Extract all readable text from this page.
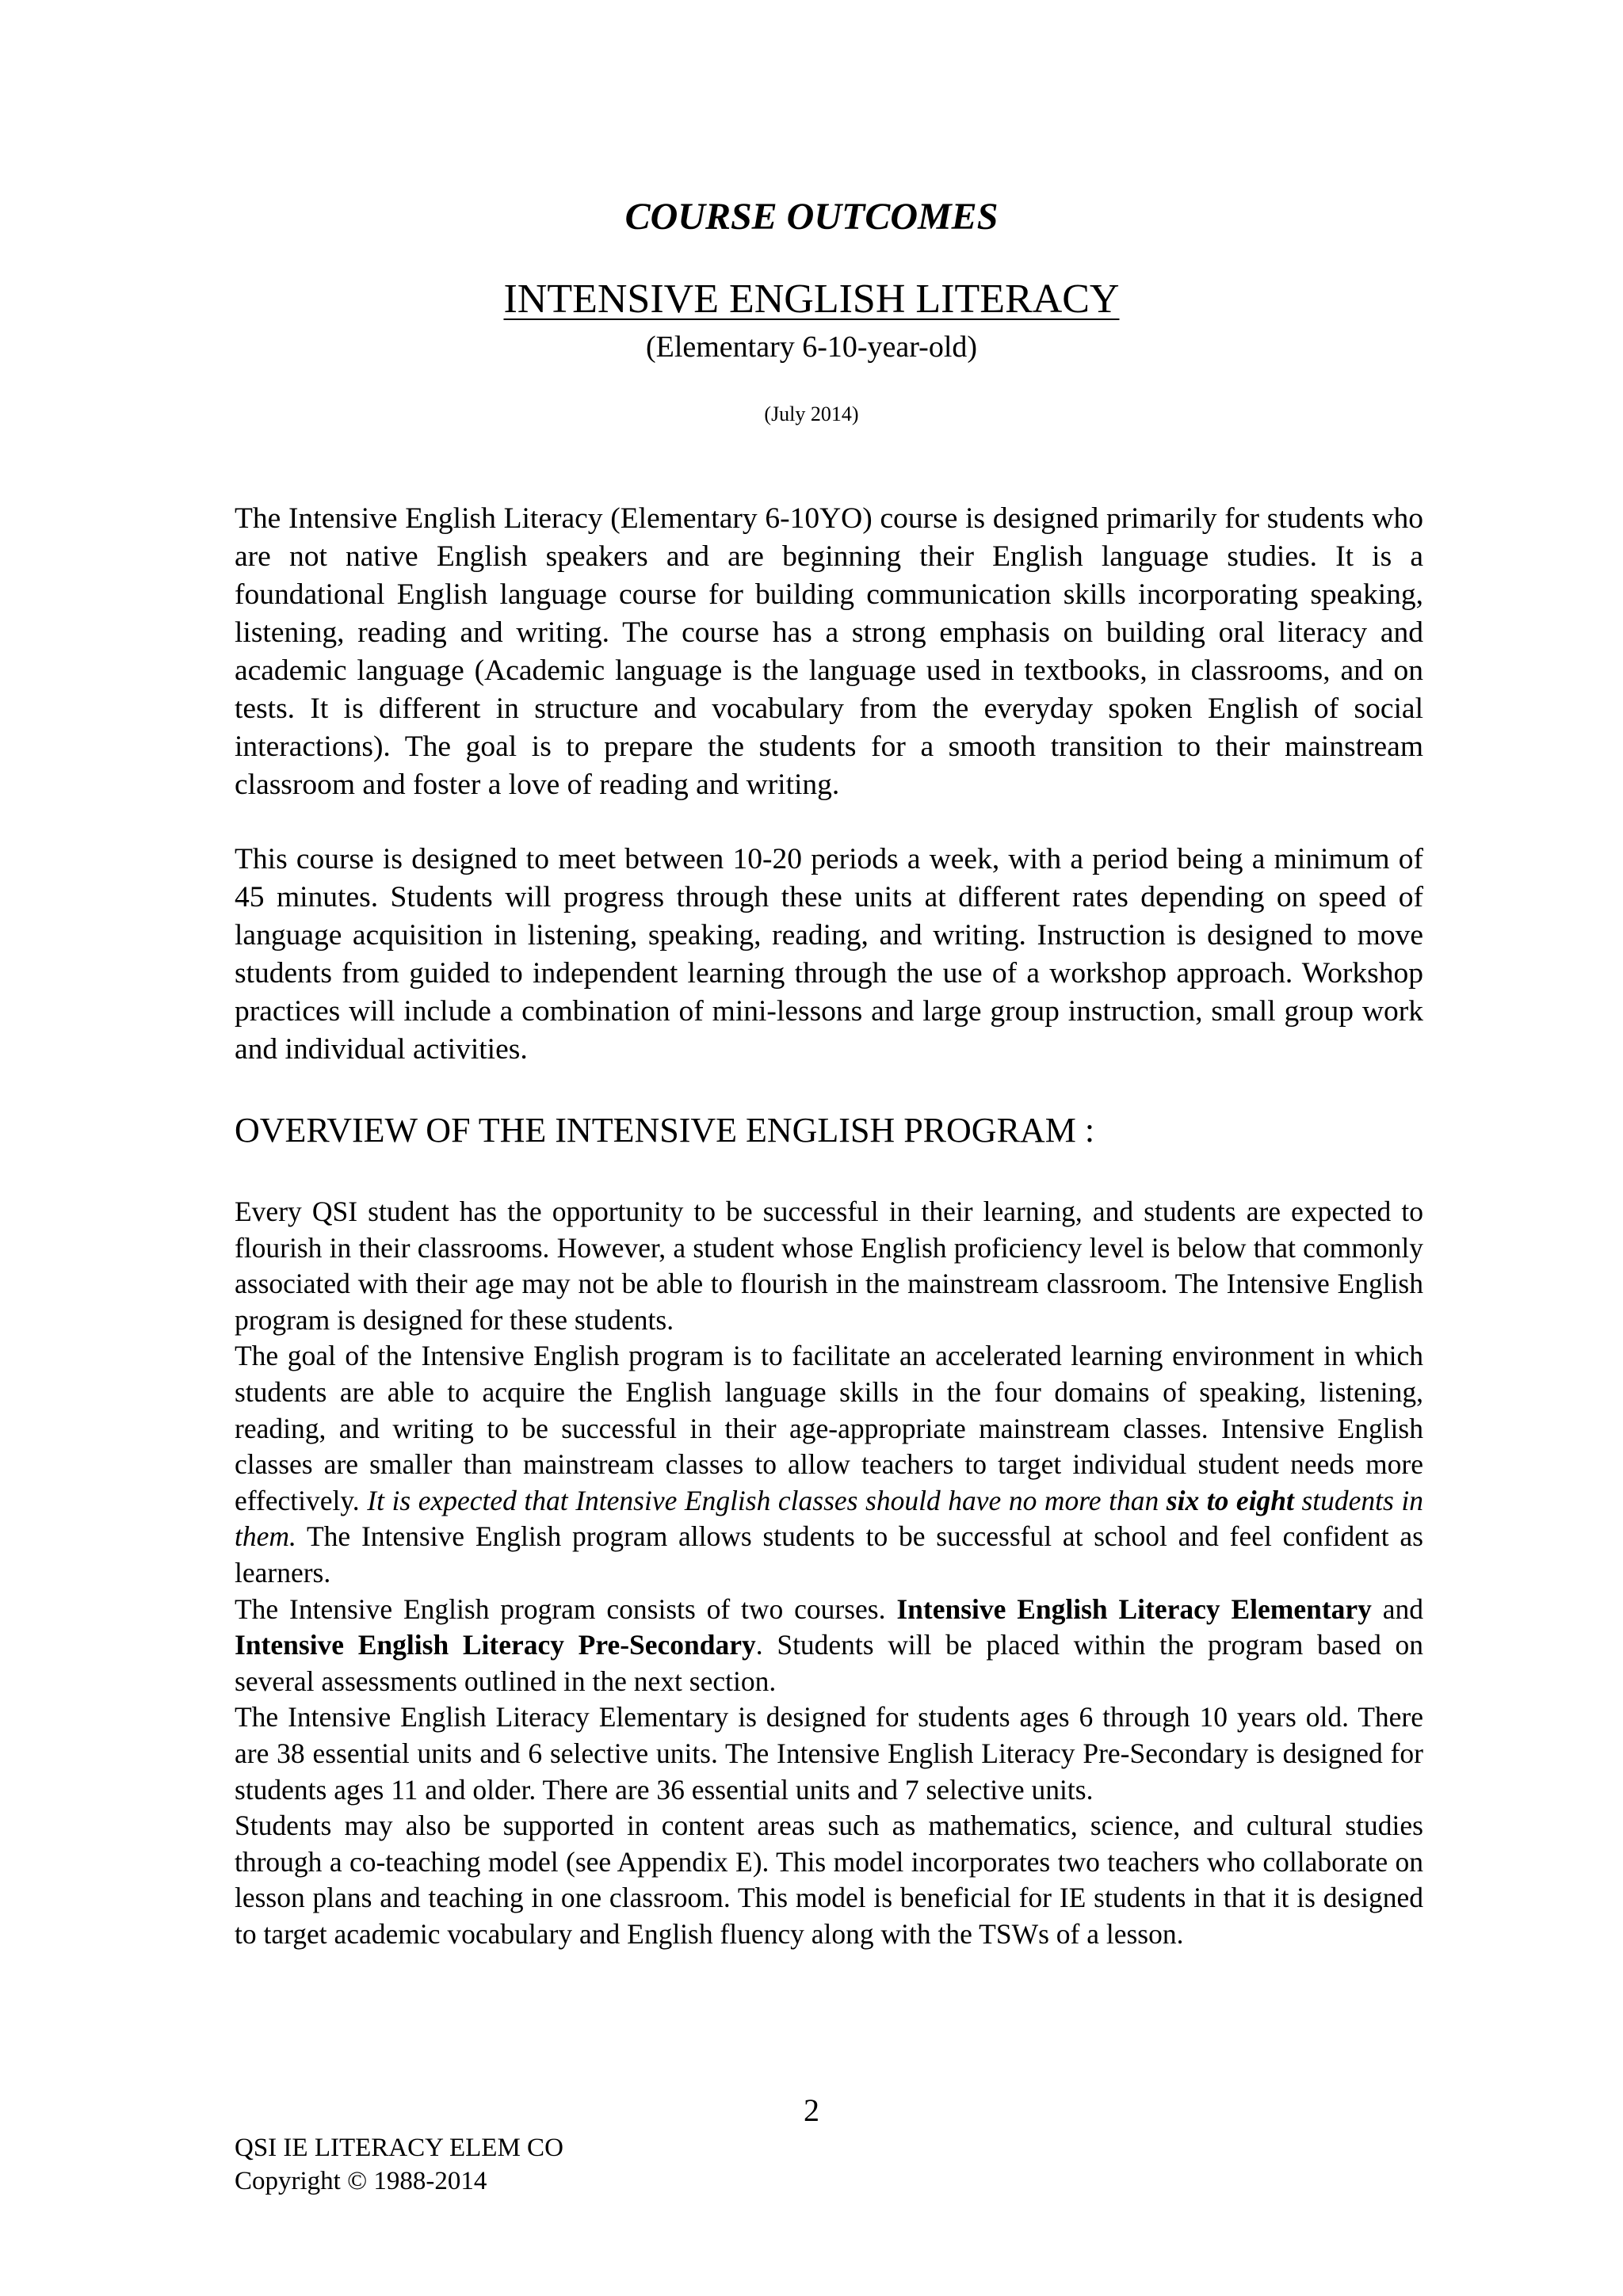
COURSE OUTCOMES
INTENSIVE ENGLISH LITERACY
(Elementary 6-10-year-old)
(July 2014)

The Intensive English Literacy (Elementary 6-10YO) course is designed primarily for students who are not native English speakers and are beginning their English language studies. It is a foundational English language course for building communication skills incorporating speaking, listening, reading and writing. The course has a strong emphasis on building oral literacy and academic language (Academic language is the language used in textbooks, in classrooms, and on tests. It is different in structure and vocabulary from the everyday spoken English of social interactions). The goal is to prepare the students for a smooth transition to their mainstream classroom and foster a love of reading and writing.

This course is designed to meet between 10-20 periods a week, with a period being a minimum of 45 minutes. Students will progress through these units at different rates depending on speed of language acquisition in listening, speaking, reading, and writing. Instruction is designed to move students from guided to independent learning through the use of a workshop approach. Workshop practices will include a combination of mini-lessons and large group instruction, small group work and individual activities.

OVERVIEW OF THE INTENSIVE ENGLISH PROGRAM :

Every QSI student has the opportunity to be successful in their learning, and students are expected to flourish in their classrooms. However, a student whose English proficiency level is below that commonly associated with their age may not be able to flourish in the mainstream classroom. The Intensive English program is designed for these students.

The goal of the Intensive English program is to facilitate an accelerated learning environment in which students are able to acquire the English language skills in the four domains of speaking, listening, reading, and writing to be successful in their age-appropriate mainstream classes. Intensive English classes are smaller than mainstream classes to allow teachers to target individual student needs more effectively. It is expected that Intensive English classes should have no more than six to eight students in them. The Intensive English program allows students to be successful at school and feel confident as learners.

The Intensive English program consists of two courses. Intensive English Literacy Elementary and Intensive English Literacy Pre-Secondary. Students will be placed within the program based on several assessments outlined in the next section.

The Intensive English Literacy Elementary is designed for students ages 6 through 10 years old. There are 38 essential units and 6 selective units. The Intensive English Literacy Pre-Secondary is designed for students ages 11 and older. There are 36 essential units and 7 selective units.

Students may also be supported in content areas such as mathematics, science, and cultural studies through a co-teaching model (see Appendix E). This model incorporates two teachers who collaborate on lesson plans and teaching in one classroom. This model is beneficial for IE students in that it is designed to target academic vocabulary and English fluency along with the TSWs of a lesson.

2
QSI IE LITERACY ELEM CO
Copyright © 1988-2014
